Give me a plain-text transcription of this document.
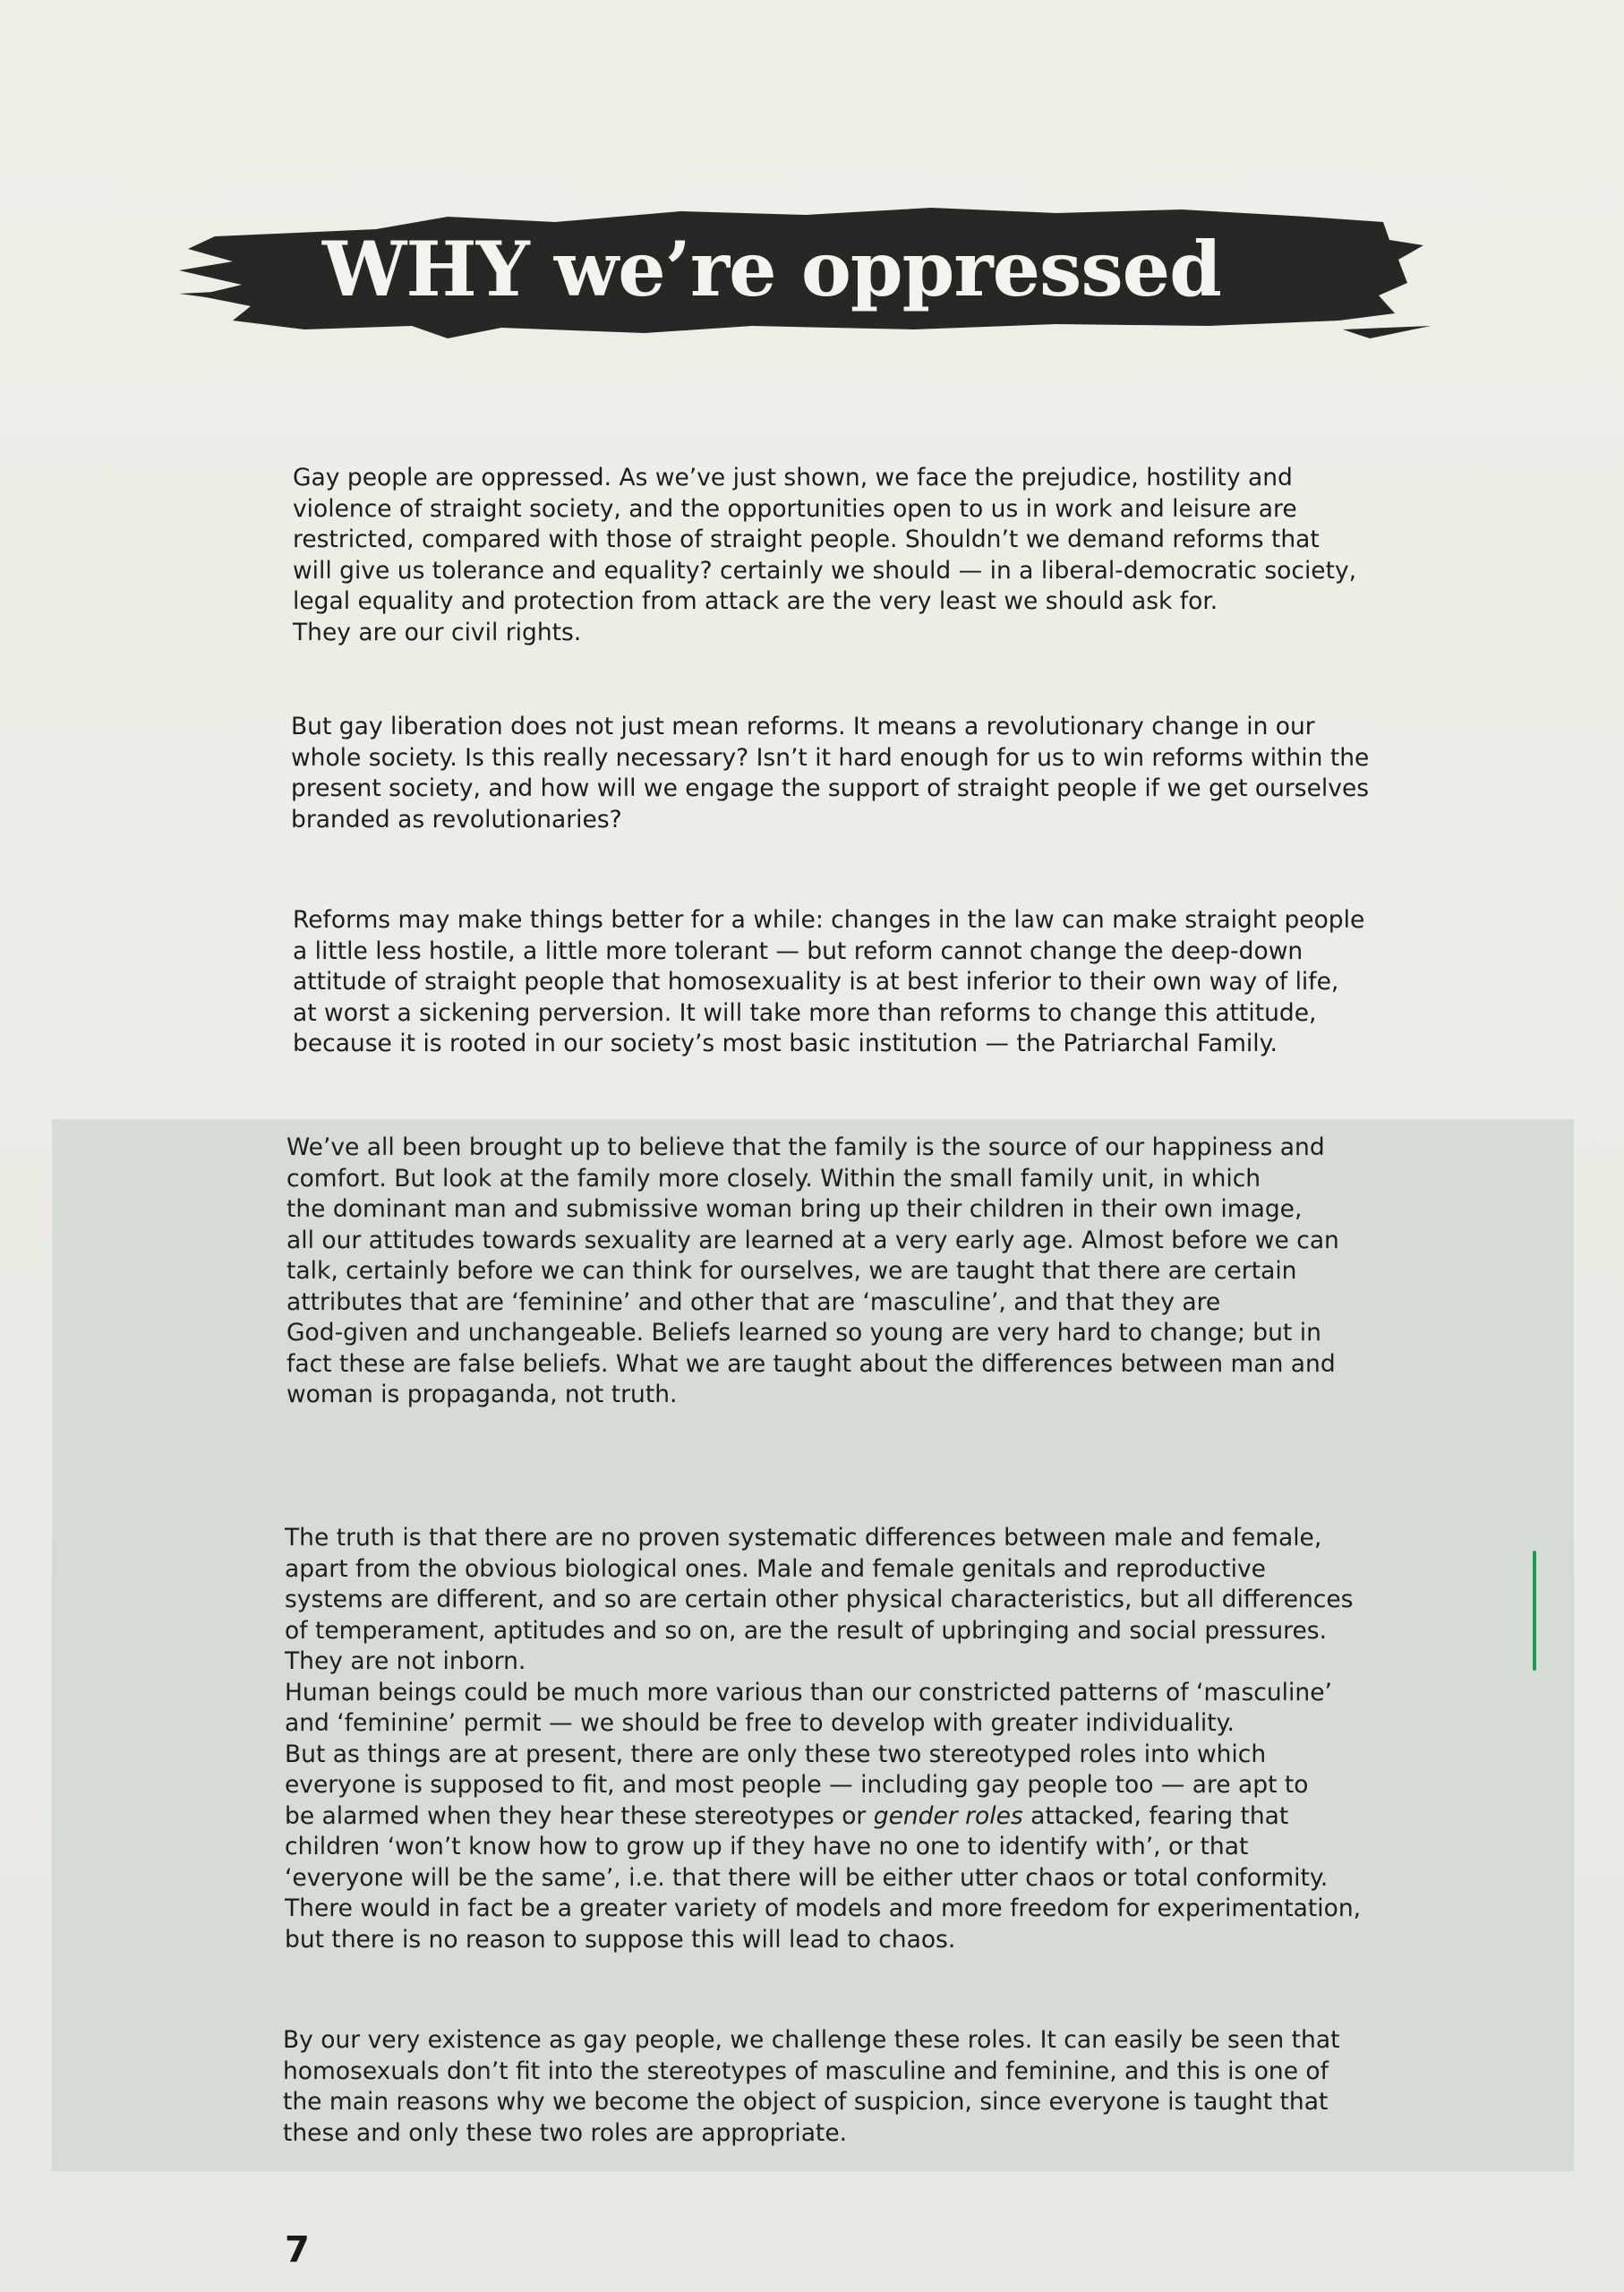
WHY we’re oppressed

Gay people are oppressed. As we’ve just shown, we face the prejudice, hostility and
violence of straight society, and the opportunities open to us in work and leisure are
restricted, compared with those of straight people. Shouldn’t we demand reforms that
will give us tolerance and equality? certainly we should — in a liberal-democratic society,
legal equality and protection from attack are the very least we should ask for.
They are our civil rights.

But gay liberation does not just mean reforms. It means a revolutionary change in our
whole society. Is this really necessary? Isn’t it hard enough for us to win reforms within the
present society, and how will we engage the support of straight people if we get ourselves
branded as revolutionaries?

Reforms may make things better for a while: changes in the law can make straight people
a little less hostile, a little more tolerant — but reform cannot change the deep-down
attitude of straight people that homosexuality is at best inferior to their own way of life,
at worst a sickening perversion. It will take more than reforms to change this attitude,
because it is rooted in our society’s most basic institution — the Patriarchal Family.

We’ve all been brought up to believe that the family is the source of our happiness and
comfort. But look at the family more closely. Within the small family unit, in which
the dominant man and submissive woman bring up their children in their own image,
all our attitudes towards sexuality are learned at a very early age. Almost before we can
talk, certainly before we can think for ourselves, we are taught that there are certain
attributes that are ‘feminine’ and other that are ‘masculine’, and that they are
God-given and unchangeable. Beliefs learned so young are very hard to change; but in
fact these are false beliefs. What we are taught about the differences between man and
woman is propaganda, not truth.

The truth is that there are no proven systematic differences between male and female,
apart from the obvious biological ones. Male and female genitals and reproductive
systems are different, and so are certain other physical characteristics, but all differences
of temperament, aptitudes and so on, are the result of upbringing and social pressures.
They are not inborn.
Human beings could be much more various than our constricted patterns of ‘masculine’
and ‘feminine’ permit — we should be free to develop with greater individuality.
But as things are at present, there are only these two stereotyped roles into which
everyone is supposed to fit, and most people — including gay people too — are apt to
be alarmed when they hear these stereotypes or gender roles attacked, fearing that
children ‘won’t know how to grow up if they have no one to identify with’, or that
‘everyone will be the same’, i.e. that there will be either utter chaos or total conformity.
There would in fact be a greater variety of models and more freedom for experimentation,
but there is no reason to suppose this will lead to chaos.

By our very existence as gay people, we challenge these roles. It can easily be seen that
homosexuals don’t fit into the stereotypes of masculine and feminine, and this is one of
the main reasons why we become the object of suspicion, since everyone is taught that
these and only these two roles are appropriate.

7
